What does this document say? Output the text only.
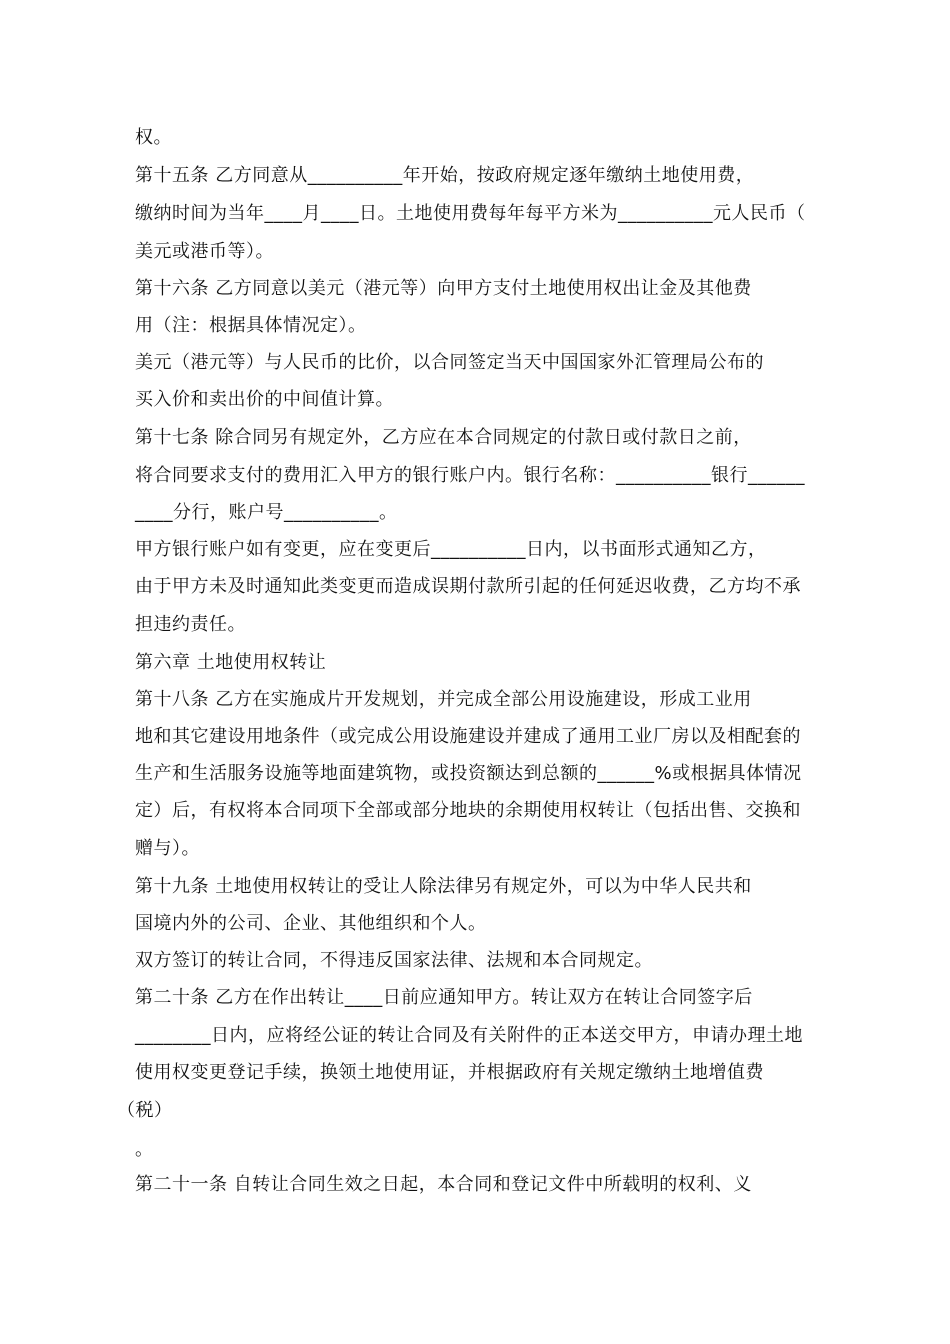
权。
第十五条 乙方同意从__________年开始，按政府规定逐年缴纳土地使用费，
缴纳时间为当年____月____日。土地使用费每年每平方米为__________元人民币（
美元或港币等）。
第十六条 乙方同意以美元（港元等）向甲方支付土地使用权出让金及其他费
用（注：根据具体情况定）。
美元（港元等）与人民币的比价，以合同签定当天中国国家外汇管理局公布的
买入价和卖出价的中间值计算。
第十七条 除合同另有规定外，乙方应在本合同规定的付款日或付款日之前，
将合同要求支付的费用汇入甲方的银行账户内。银行名称：__________银行______
____分行，账户号__________。
甲方银行账户如有变更，应在变更后__________日内，以书面形式通知乙方，
由于甲方未及时通知此类变更而造成误期付款所引起的任何延迟收费，乙方均不承
担违约责任。
第六章 土地使用权转让
第十八条 乙方在实施成片开发规划，并完成全部公用设施建设，形成工业用
地和其它建设用地条件（或完成公用设施建设并建成了通用工业厂房以及相配套的
生产和生活服务设施等地面建筑物，或投资额达到总额的______%或根据具体情况
定）后，有权将本合同项下全部或部分地块的余期使用权转让（包括出售、交换和
赠与）。
第十九条 土地使用权转让的受让人除法律另有规定外，可以为中华人民共和
国境内外的公司、企业、其他组织和个人。
双方签订的转让合同，不得违反国家法律、法规和本合同规定。
第二十条 乙方在作出转让____日前应通知甲方。转让双方在转让合同签字后
________日内，应将经公证的转让合同及有关附件的正本送交甲方，申请办理土地
使用权变更登记手续，换领土地使用证，并根据政府有关规定缴纳土地增值费
（税）
。
第二十一条 自转让合同生效之日起，本合同和登记文件中所载明的权利、义
